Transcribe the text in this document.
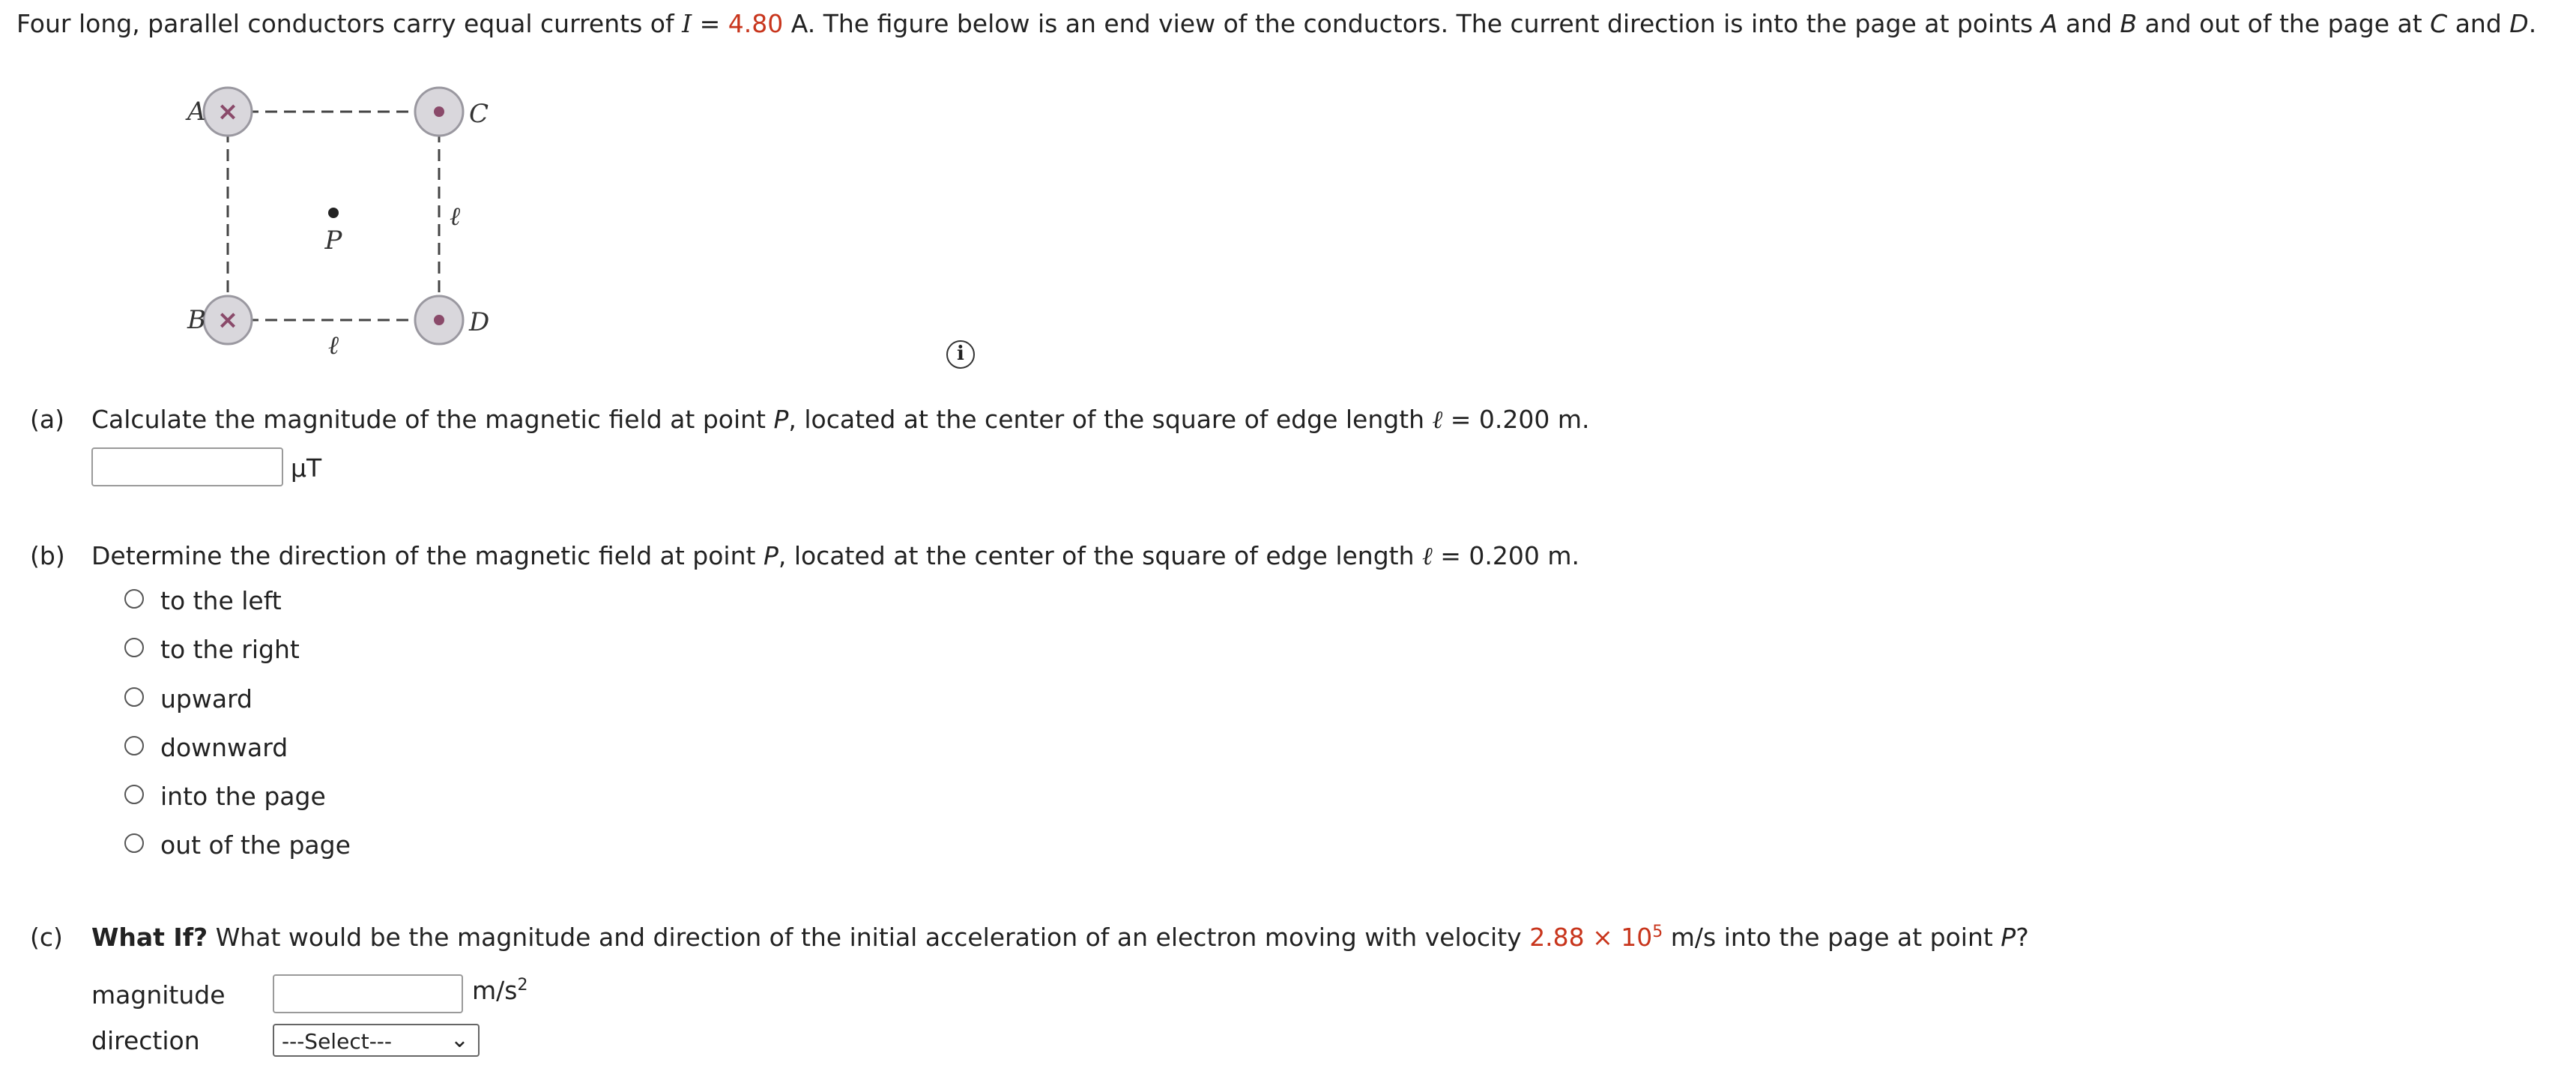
Four long, parallel conductors carry equal currents of I = 4.80 A. The figure below is an end view of the conductors. The current direction is into the page at points A and B and out of the page at C and D.
×
×
A
B
C
D
P
ℓ
ℓ	i
(a) Calculate the magnitude of the magnetic field at point P, located at the center of the square of edge length ℓ = 0.200 m.
μT
(b) Determine the direction of the magnetic field at point P, located at the center of the square of edge length ℓ = 0.200 m.
to the left
to the right
upward
downward
into the page
out of the page
(c) What If? What would be the magnitude and direction of the initial acceleration of an electron moving with velocity $2.88 \times 10^5$ m/s into the page at point P?
magnitude	$m/s^2$
direction	---Select---	⌄
